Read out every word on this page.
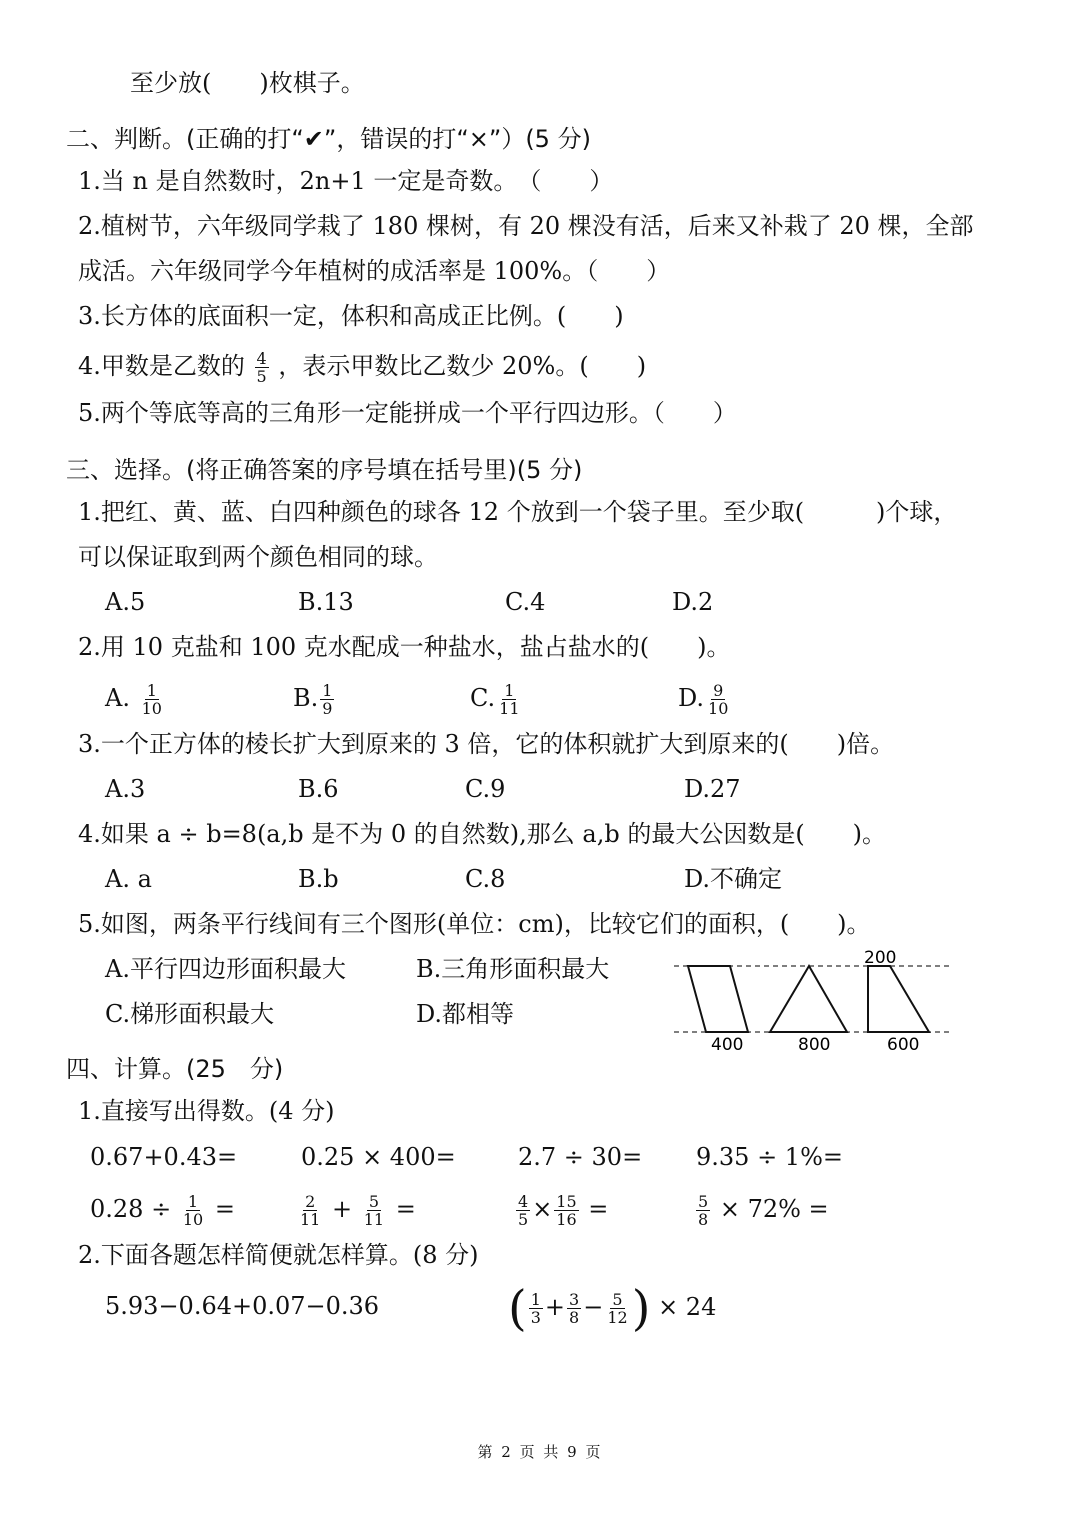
至少放(　　)枚棋子。
二、判断。(正确的打“✔”，错误的打“×”）(5 分)
1.当 n 是自然数时，2n+1 一定是奇数。　（　　）
2.植树节，六年级同学栽了 180 棵树，有 20 棵没有活，后来又补栽了 20 棵，全部
成活。六年级同学今年植树的成活率是 100%。（　　）
3.长方体的底面积一定，体积和高成正比例。(　　)
4.甲数是乙数的 $\frac{4}{5}$ ，表示甲数比乙数少 20%。(　　)
5.两个等底等高的三角形一定能拼成一个平行四边形。（　　）
三、选择。(将正确答案的序号填在括号里)(5 分)
1.把红、黄、蓝、白四种颜色的球各 12 个放到一个袋子里。至少取(　　　)个球，
可以保证取到两个颜色相同的球。
A.5	B.13	C.4	D.2
2.用 10 克盐和 100 克水配成一种盐水，盐占盐水的(　　)。
A. $\frac{1}{10}$	B. $\frac{1}{9}$	C. $\frac{1}{11}$	D. $\frac{9}{10}$
3.一个正方体的棱长扩大到原来的 3 倍，它的体积就扩大到原来的(　　)倍。
A.3	B.6	C.9	D.27
4.如果 a ÷ b=8(a,b 是不为 0 的自然数),那么 a,b 的最大公因数是(　　)。
A. a	B.b	C.8	D.不确定
5.如图，两条平行线间有三个图形(单位：cm)，比较它们的面积，(　　)。
A.平行四边形面积最大	B.三角形面积最大
C.梯形面积最大	D.都相等
200
400	800	600
四、计算。(25　分)
1.直接写出得数。(4 分)
0.67+0.43=	0.25 × 400=	2.7 ÷ 30= 9.35 ÷ 1%=
$0.28 \div \frac{1}{10}$ =	$\frac{2}{11} + \frac{5}{11}$ =	$\frac{4}{5} \times \frac{15}{16}$ =	$\frac{5}{8} \times 72\%$ =
2.下面各题怎样简便就怎样算。(8 分)
5.93−0.64+0.07−0.36	( $\frac{1}{3} + \frac{3}{8} - \frac{5}{12}$ ) × 24
第 2 页 共 9 页
